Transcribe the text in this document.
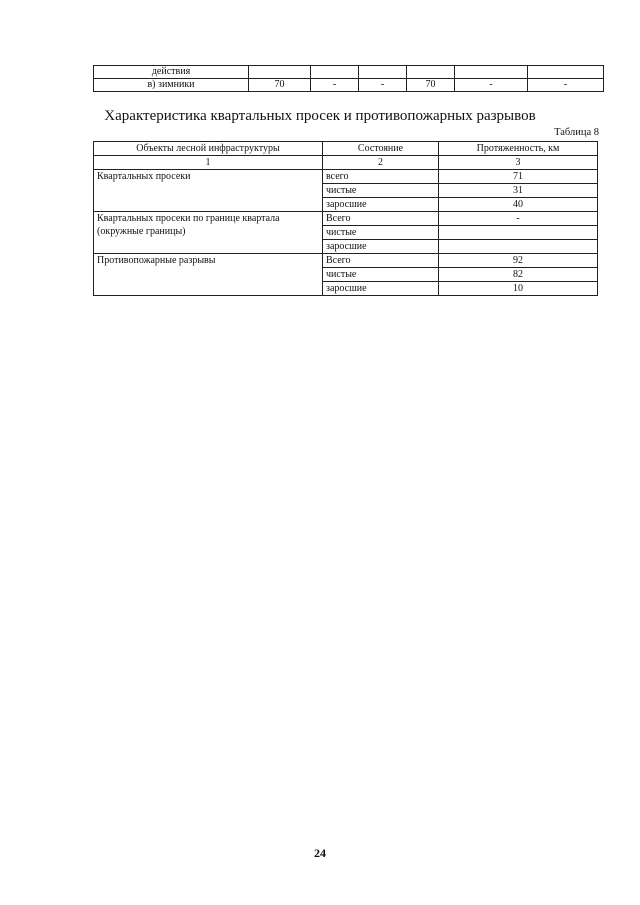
действия						
в) зимники	70	-	-	70	-	-
Характеристика квартальных просек и противопожарных разрывов
Таблица 8
Объекты лесной инфраструктуры	Состояние	Протяженность, км
1	2	3
Квартальных просеки	всего	71
	чистые	31
	заросшие	40
Квартальных просеки по границе квартала (окружные границы)	Всего	-
	чистые	
	заросшие	
Противопожарные разрывы	Всего	92
	чистые	82
	заросшие	10
24
